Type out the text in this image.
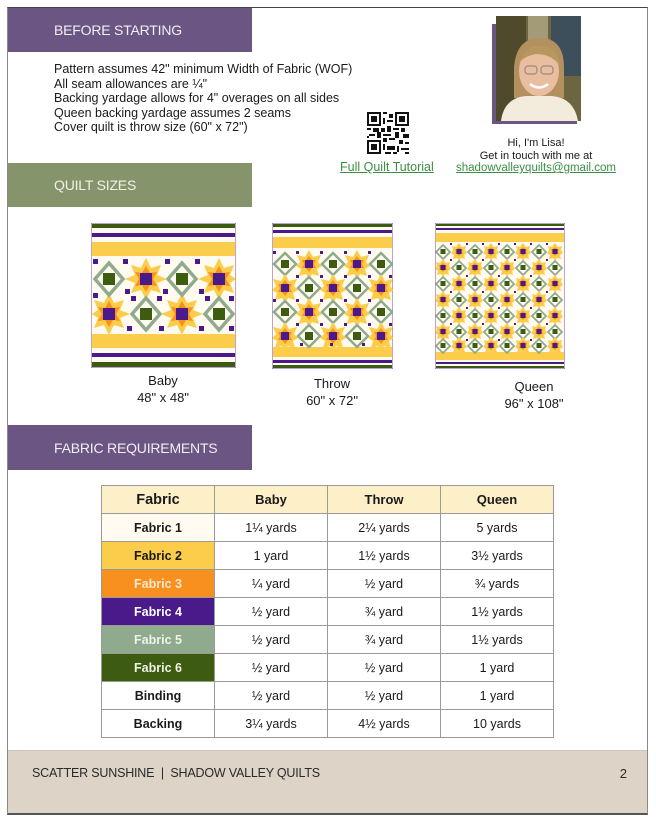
BEFORE STARTING
Pattern assumes 42" minimum Width of Fabric (WOF)
All seam allowances are ¼"
Backing yardage allows for 4" overages on all sides
Queen backing yardage assumes 2 seams
Cover quilt is throw size (60" x 72")
Full Quilt Tutorial
Hi, I'm Lisa!
Get in touch with me at
shadowvalleyquilts@gmail.com
QUILT SIZES
Baby
48" x 48"
Throw
60" x 72"
Queen
96" x 108"
FABRIC REQUIREMENTS
Fabric	Baby	Throw	Queen
Fabric 1	1¼ yards	2¼ yards	5 yards
Fabric 2	1 yard	1½ yards	3½ yards
Fabric 3	¼ yard	½ yard	¾ yards
Fabric 4	½ yard	¾ yard	1½ yards
Fabric 5	½ yard	¾ yard	1½ yards
Fabric 6	½ yard	½ yard	1 yard
Binding	½ yard	½ yard	1 yard
Backing	3¼ yards	4½ yards	10 yards
SCATTER SUNSHINE  |  SHADOW VALLEY QUILTS	2
